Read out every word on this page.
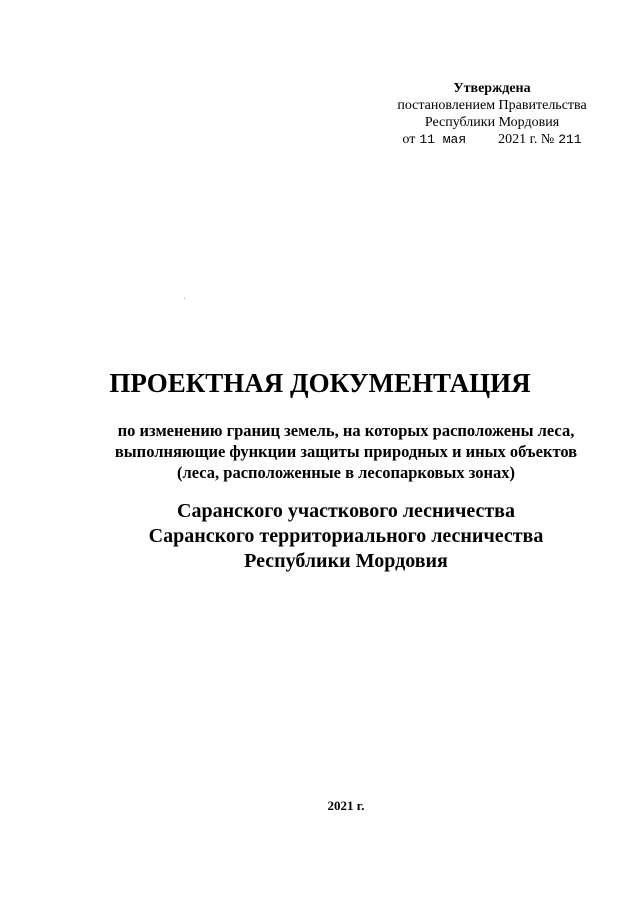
Утверждена
постановлением Правительства
Республики Мордовия
от 11 мая 2021 г. № 211
ПРОЕКТНАЯ ДОКУМЕНТАЦИЯ
по изменению границ земель, на которых расположены леса,
выполняющие функции защиты природных и иных объектов
(леса, расположенные в лесопарковых зонах)
Саранского участкового лесничества
Саранского территориального лесничества
Республики Мордовия
2021 г.
